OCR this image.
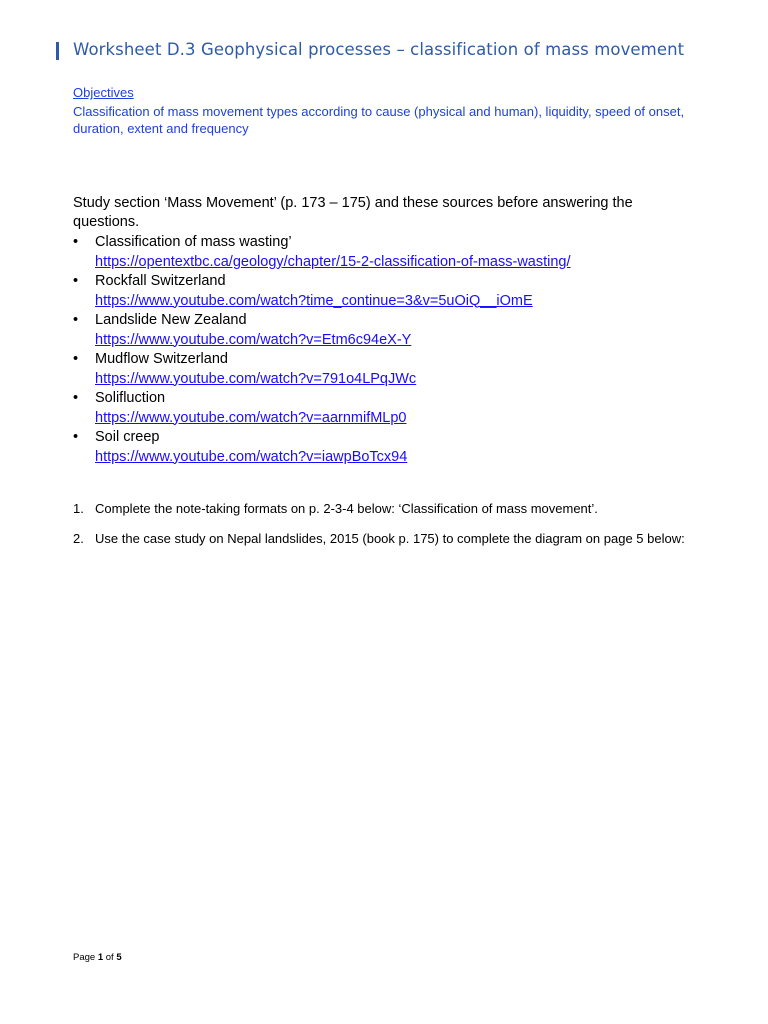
Worksheet D.3 Geophysical processes – classification of mass movement
Objectives
Classification of mass movement types according to cause (physical and human), liquidity, speed of onset, duration, extent and frequency
Study section ‘Mass Movement’ (p. 173 – 175) and these sources before answering the questions.
• Classification of mass wasting’
https://opentextbc.ca/geology/chapter/15-2-classification-of-mass-wasting/
• Rockfall Switzerland
https://www.youtube.com/watch?time_continue=3&v=5uOiQ__iOmE
• Landslide New Zealand
https://www.youtube.com/watch?v=Etm6c94eX-Y
• Mudflow Switzerland
https://www.youtube.com/watch?v=791o4LPqJWc
• Solifluction
https://www.youtube.com/watch?v=aarnmifMLp0
• Soil creep
https://www.youtube.com/watch?v=iawpBoTcx94
1. Complete the note-taking formats on p. 2-3-4 below: ‘Classification of mass movement’.
2. Use the case study on Nepal landslides, 2015 (book p. 175) to complete the diagram on page 5 below:
Page 1 of 5
